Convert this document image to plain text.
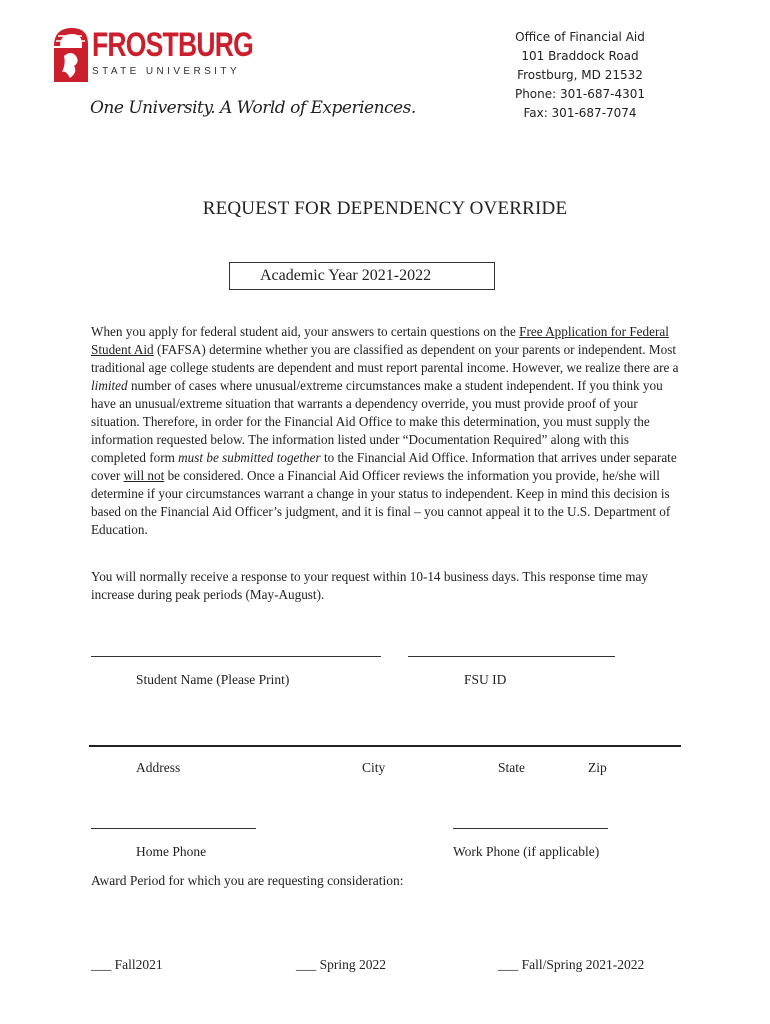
FROSTBURG
STATE UNIVERSITY
One University. A World of Experiences.
Office of Financial Aid
101 Braddock Road
Frostburg, MD 21532
Phone: 301-687-4301
Fax: 301-687-7074
REQUEST FOR DEPENDENCY OVERRIDE
Academic Year 2021-2022
When you apply for federal student aid, your answers to certain questions on the Free Application for Federal Student Aid (FAFSA) determine whether you are classified as dependent on your parents or independent. Most traditional age college students are dependent and must report parental income. However, we realize there are a limited number of cases where unusual/extreme circumstances make a student independent. If you think you have an unusual/extreme situation that warrants a dependency override, you must provide proof of your situation. Therefore, in order for the Financial Aid Office to make this determination, you must supply the information requested below. The information listed under “Documentation Required” along with this completed form must be submitted together to the Financial Aid Office. Information that arrives under separate cover will not be considered. Once a Financial Aid Officer reviews the information you provide, he/she will determine if your circumstances warrant a change in your status to independent. Keep in mind this decision is based on the Financial Aid Officer’s judgment, and it is final – you cannot appeal it to the U.S. Department of Education.
You will normally receive a response to your request within 10-14 business days. This response time may increase during peak periods (May-August).
Student Name (Please Print)	FSU ID
Address	City	State	Zip
Home Phone	Work Phone (if applicable)
Award Period for which you are requesting consideration:
___ Fall2021	___ Spring 2022	___ Fall/Spring 2021-2022
